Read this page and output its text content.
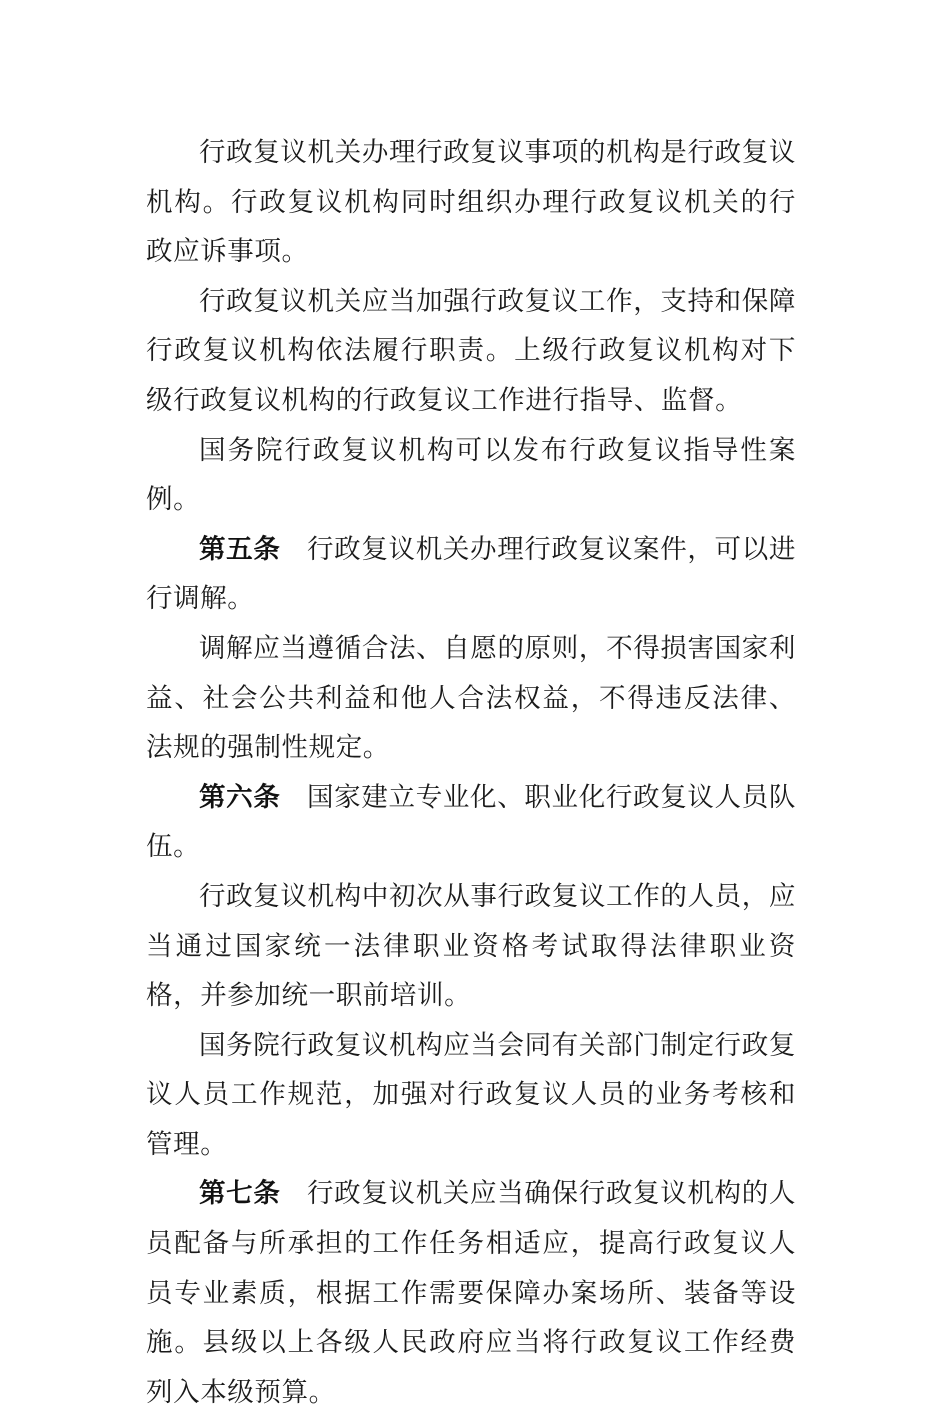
行政复议机关办理行政复议事项的机构是行政复议机构。行政复议机构同时组织办理行政复议机关的行政应诉事项。

行政复议机关应当加强行政复议工作，支持和保障行政复议机构依法履行职责。上级行政复议机构对下级行政复议机构的行政复议工作进行指导、监督。

国务院行政复议机构可以发布行政复议指导性案例。

第五条 行政复议机关办理行政复议案件，可以进行调解。

调解应当遵循合法、自愿的原则，不得损害国家利益、社会公共利益和他人合法权益，不得违反法律、法规的强制性规定。

第六条 国家建立专业化、职业化行政复议人员队伍。

行政复议机构中初次从事行政复议工作的人员，应当通过国家统一法律职业资格考试取得法律职业资格，并参加统一职前培训。

国务院行政复议机构应当会同有关部门制定行政复议人员工作规范，加强对行政复议人员的业务考核和管理。

第七条 行政复议机关应当确保行政复议机构的人员配备与所承担的工作任务相适应，提高行政复议人员专业素质，根据工作需要保障办案场所、装备等设施。县级以上各级人民政府应当将行政复议工作经费列入本级预算。
